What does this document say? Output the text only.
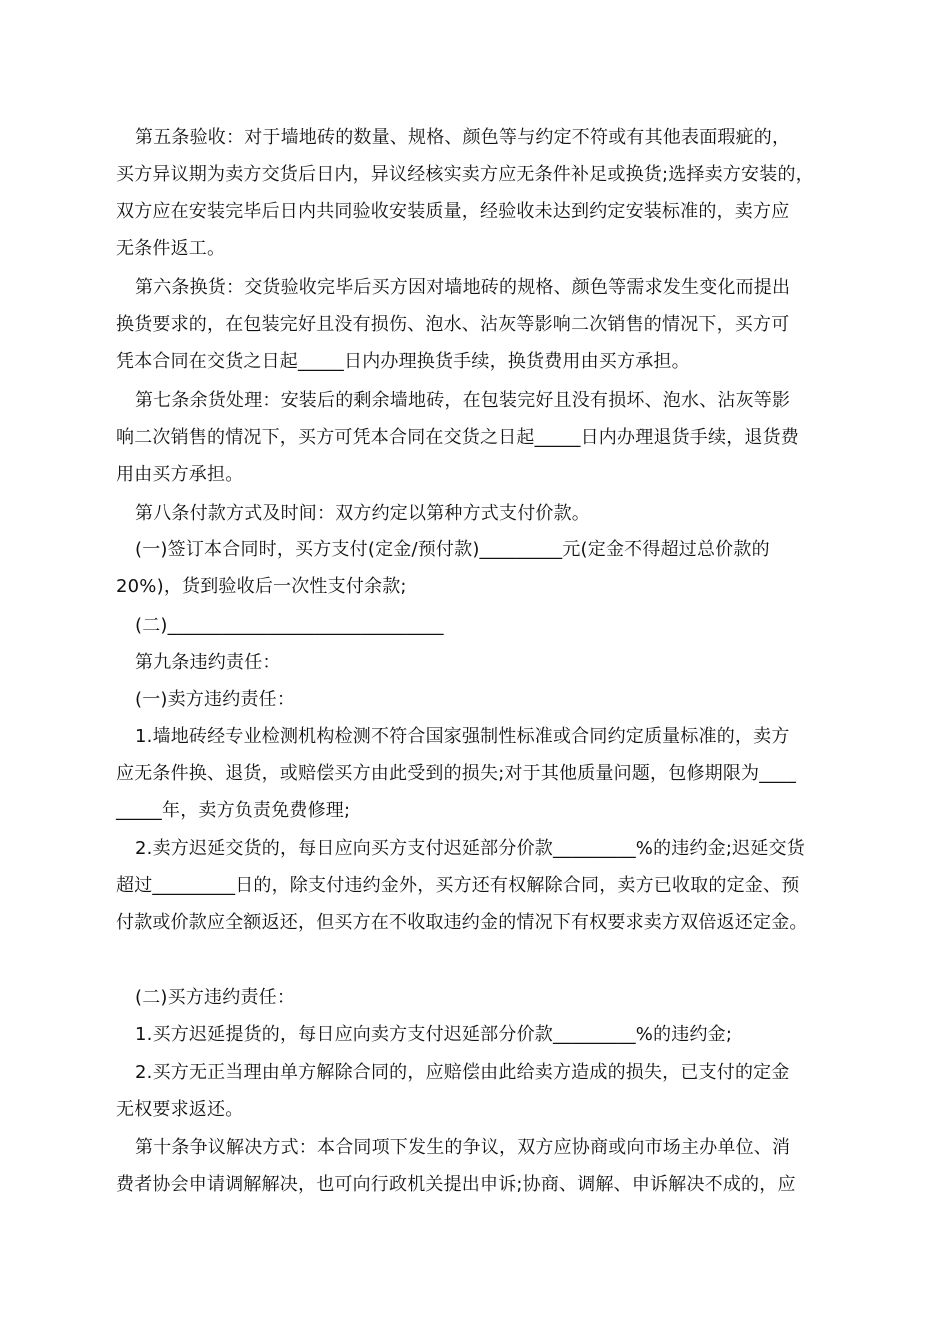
第五条验收：对于墙地砖的数量、规格、颜色等与约定不符或有其他表面瑕疵的，
买方异议期为卖方交货后日内，异议经核实卖方应无条件补足或换货;选择卖方安装的，
双方应在安装完毕后日内共同验收安装质量，经验收未达到约定安装标准的，卖方应
无条件返工。
第六条换货：交货验收完毕后买方因对墙地砖的规格、颜色等需求发生变化而提出
换货要求的，在包装完好且没有损伤、泡水、沾灰等影响二次销售的情况下，买方可
凭本合同在交货之日起_____日内办理换货手续，换货费用由买方承担。
第七条余货处理：安装后的剩余墙地砖，在包装完好且没有损坏、泡水、沾灰等影
响二次销售的情况下，买方可凭本合同在交货之日起_____日内办理退货手续，退货费
用由买方承担。
第八条付款方式及时间：双方约定以第种方式支付价款。
(一)签订本合同时，买方支付(定金/预付款)_________元(定金不得超过总价款的
20%)，货到验收后一次性支付余款;
(二)______________________________
第九条违约责任：
(一)卖方违约责任：
1.墙地砖经专业检测机构检测不符合国家强制性标准或合同约定质量标准的，卖方
应无条件换、退货，或赔偿买方由此受到的损失;对于其他质量问题，包修期限为____
_____年，卖方负责免费修理;
2.卖方迟延交货的，每日应向买方支付迟延部分价款_________%的违约金;迟延交货
超过_________日的，除支付违约金外，买方还有权解除合同，卖方已收取的定金、预
付款或价款应全额返还，但买方在不收取违约金的情况下有权要求卖方双倍返还定金。
(二)买方违约责任：
1.买方迟延提货的，每日应向卖方支付迟延部分价款_________%的违约金;
2.买方无正当理由单方解除合同的，应赔偿由此给卖方造成的损失，已支付的定金
无权要求返还。
第十条争议解决方式：本合同项下发生的争议，双方应协商或向市场主办单位、消
费者协会申请调解解决，也可向行政机关提出申诉;协商、调解、申诉解决不成的，应
